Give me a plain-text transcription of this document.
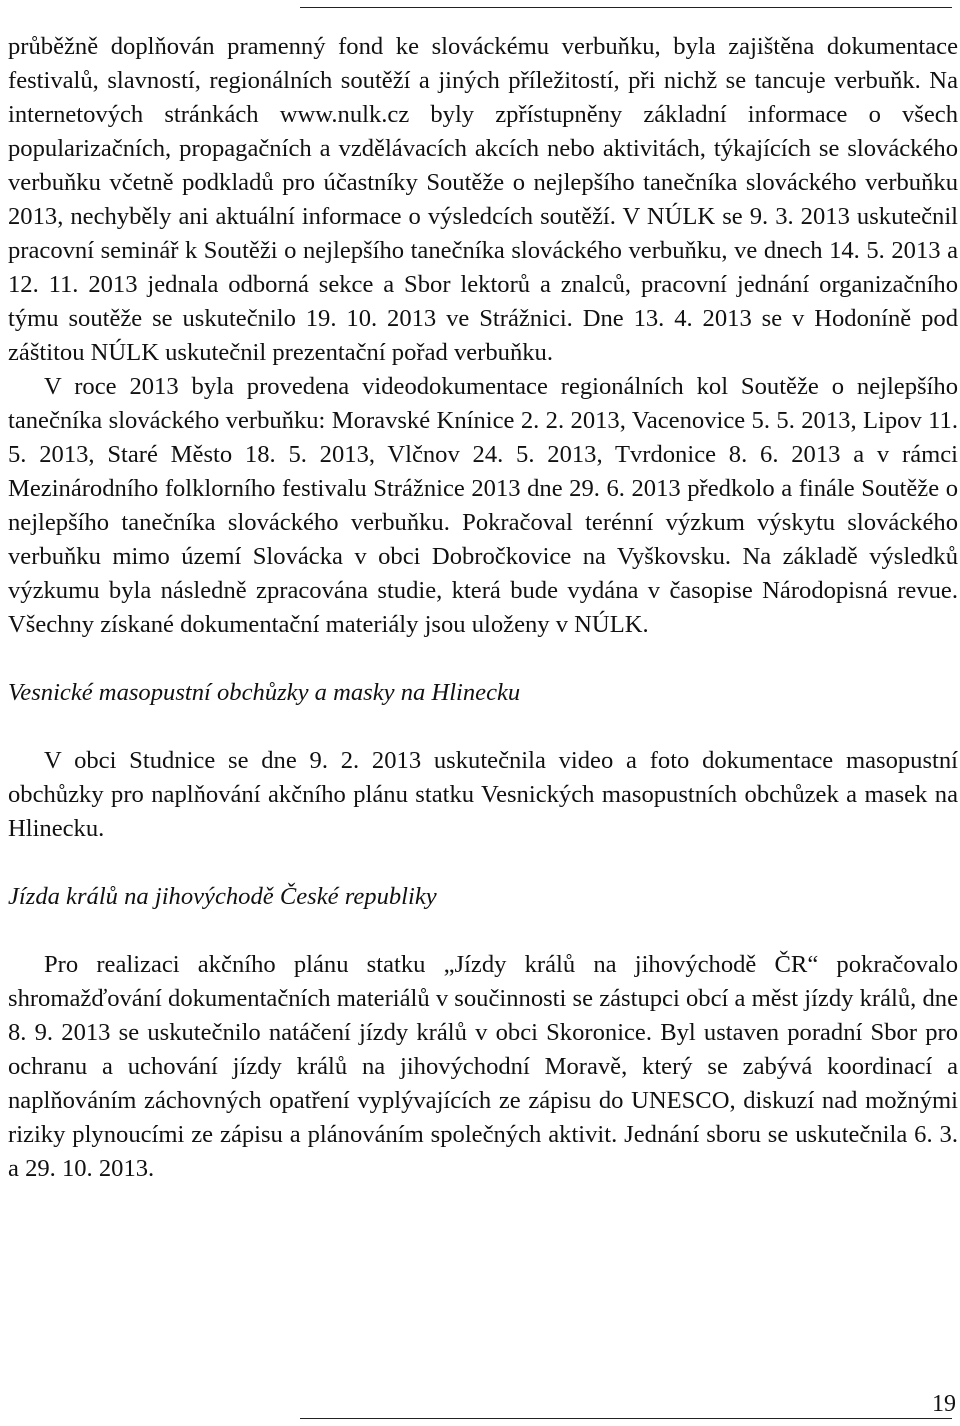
průběžně doplňován pramenný fond ke slováckému verbuňku, byla zajištěna dokumentace festivalů, slavností, regionálních soutěží a jiných příležitostí, při nichž se tancuje verbuňk. Na internetových stránkách www.nulk.cz byly zpřístupněny základní informace o všech popularizačních, propagačních a vzdělávacích akcích nebo aktivitách, týkajících se slováckého verbuňku včetně podkladů pro účastníky Soutěže o nejlepšího tanečníka slováckého verbuňku 2013, nechyběly ani aktuální informace o výsledcích soutěží. V NÚLK se 9. 3. 2013 uskutečnil pracovní seminář k Soutěži o nejlepšího tanečníka slováckého verbuňku, ve dnech 14. 5. 2013 a 12. 11. 2013 jednala odborná sekce a Sbor lektorů a znalců, pracovní jednání organizačního týmu soutěže se uskutečnilo 19. 10. 2013 ve Strážnici. Dne 13. 4. 2013 se v Hodoníně pod záštitou NÚLK uskutečnil prezentační pořad verbuňku.

V roce 2013 byla provedena videodokumentace regionálních kol Soutěže o nejlepšího tanečníka slováckého verbuňku: Moravské Knínice 2. 2. 2013, Vacenovice 5. 5. 2013, Lipov 11. 5. 2013, Staré Město 18. 5. 2013, Vlčnov 24. 5. 2013, Tvrdonice 8. 6. 2013 a v rámci Mezinárodního folklorního festivalu Strážnice 2013 dne 29. 6. 2013 předkolo a finále Soutěže o nejlepšího tanečníka slováckého verbuňku. Pokračoval terénní výzkum výskytu slováckého verbuňku mimo území Slovácka v obci Dobročkovice na Vyškovsku. Na základě výsledků výzkumu byla následně zpracována studie, která bude vydána v časopise Národopisná revue. Všechny získané dokumentační materiály jsou uloženy v NÚLK.

Vesnické masopustní obchůzky a masky na Hlinecku

V obci Studnice se dne 9. 2. 2013 uskutečnila video a foto dokumentace masopustní obchůzky pro naplňování akčního plánu statku Vesnických masopustních obchůzek a masek na Hlinecku.

Jízda králů na jihovýchodě České republiky

Pro realizaci akčního plánu statku „Jízdy králů na jihovýchodě ČR“ pokračovalo shromažďování dokumentačních materiálů v součinnosti se zástupci obcí a měst jízdy králů, dne 8. 9. 2013 se uskutečnilo natáčení jízdy králů v obci Skoronice. Byl ustaven poradní Sbor pro ochranu a uchování jízdy králů na jihovýchodní Moravě, který se zabývá koordinací a naplňováním záchovných opatření vyplývajících ze zápisu do UNESCO, diskuzí nad možnými riziky plynoucími ze zápisu a plánováním společných aktivit. Jednání sboru se uskutečnila 6. 3. a 29. 10. 2013.

19
